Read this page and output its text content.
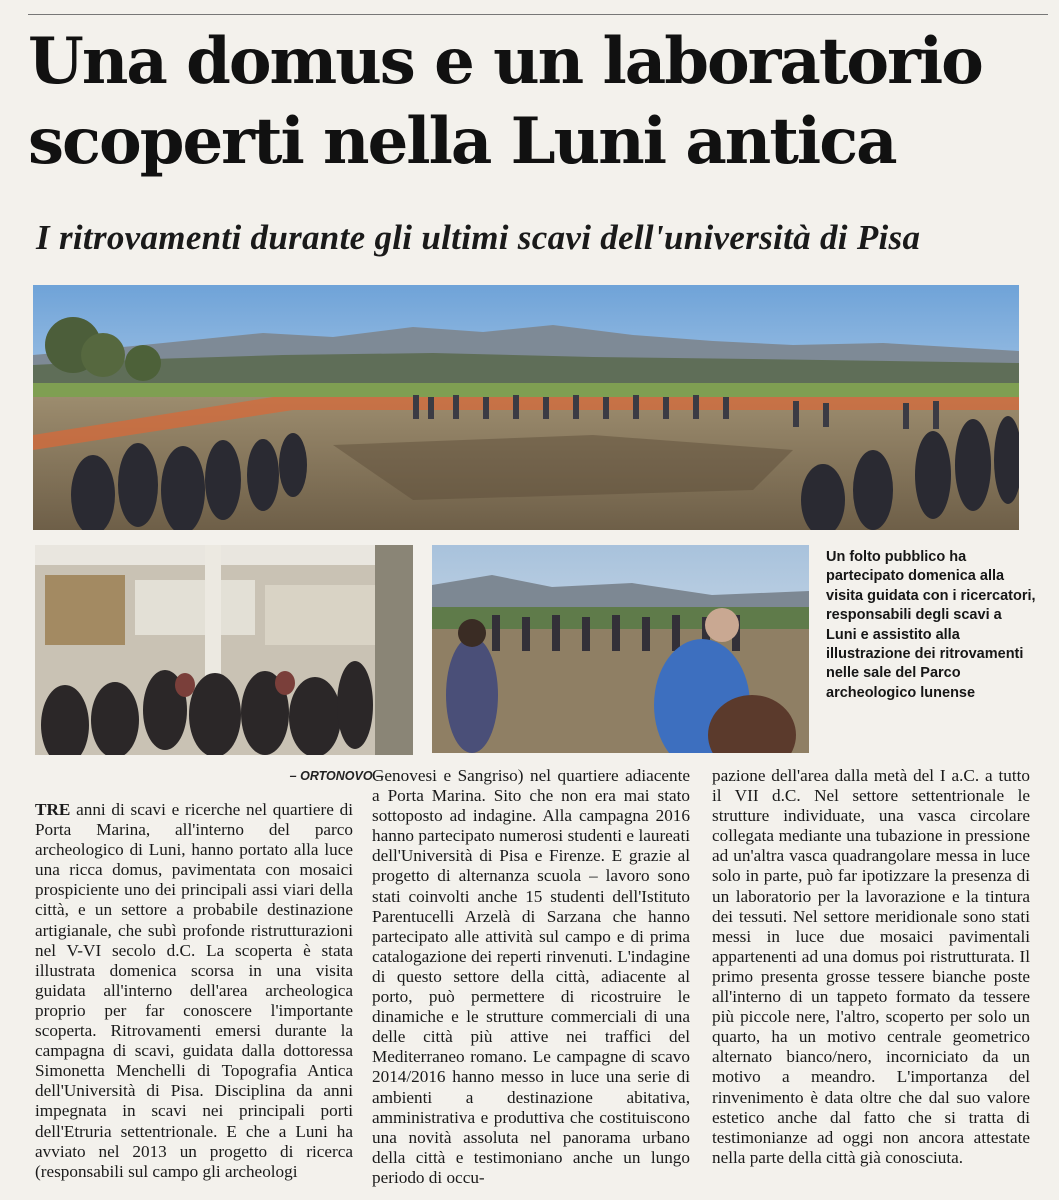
Una domus e un laboratorio scoperti nella Luni antica
I ritrovamenti durante gli ultimi scavi dell'università di Pisa

Un folto pubblico ha partecipato domenica alla visita guidata con i ricercatori, responsabili degli scavi a Luni e assistito alla illustrazione dei ritrovamenti nelle sale del Parco archeologico lunense

– ORTONOVO –

TRE anni di scavi e ricerche nel quartiere di Porta Marina, all'interno del parco archeologico di Luni, hanno portato alla luce una ricca domus, pavimentata con mosaici prospiciente uno dei principali assi viari della città, e un settore a probabile destinazione artigianale, che subì profonde ristrutturazioni nel V-VI secolo d.C. La scoperta è stata illustrata domenica scorsa in una visita guidata all'interno dell'area archeologica proprio per far conoscere l'importante scoperta. Ritrovamenti emersi durante la campagna di scavi, guidata dalla dottoressa Simonetta Menchelli di Topografia Antica dell'Università di Pisa. Disciplina da anni impegnata in scavi nei principali porti dell'Etruria settentrionale. E che a Luni ha avviato nel 2013 un progetto di ricerca (responsabili sul campo gli archeologi

Genovesi e Sangriso) nel quartiere adiacente a Porta Marina. Sito che non era mai stato sottoposto ad indagine. Alla campagna 2016 hanno partecipato numerosi studenti e laureati dell'Università di Pisa e Firenze. E grazie al progetto di alternanza scuola – lavoro sono stati coinvolti anche 15 studenti dell'Istituto Parentucelli Arzelà di Sarzana che hanno partecipato alle attività sul campo e di prima catalogazione dei reperti rinvenuti. L'indagine di questo settore della città, adiacente al porto, può permettere di ricostruire le dinamiche e le strutture commerciali di una delle città più attive nei traffici del Mediterraneo romano. Le campagne di scavo 2014/2016 hanno messo in luce una serie di ambienti a destinazione abitativa, amministrativa e produttiva che costituiscono una novità assoluta nel panorama urbano della città e testimoniano anche un lungo periodo di occu-

pazione dell'area dalla metà del I a.C. a tutto il VII d.C. Nel settore settentrionale le strutture individuate, una vasca circolare collegata mediante una tubazione in pressione ad un'altra vasca quadrangolare messa in luce solo in parte, può far ipotizzare la presenza di un laboratorio per la lavorazione e la tintura dei tessuti. Nel settore meridionale sono stati messi in luce due mosaici pavimentali appartenenti ad una domus poi ristrutturata. Il primo presenta grosse tessere bianche poste all'interno di un tappeto formato da tessere più piccole nere, l'altro, scoperto per solo un quarto, ha un motivo centrale geometrico alternato bianco/nero, incorniciato da un motivo a meandro. L'importanza del rinvenimento è data oltre che dal suo valore estetico anche dal fatto che si tratta di testimonianze ad oggi non ancora attestate nella parte della città già conosciuta.
